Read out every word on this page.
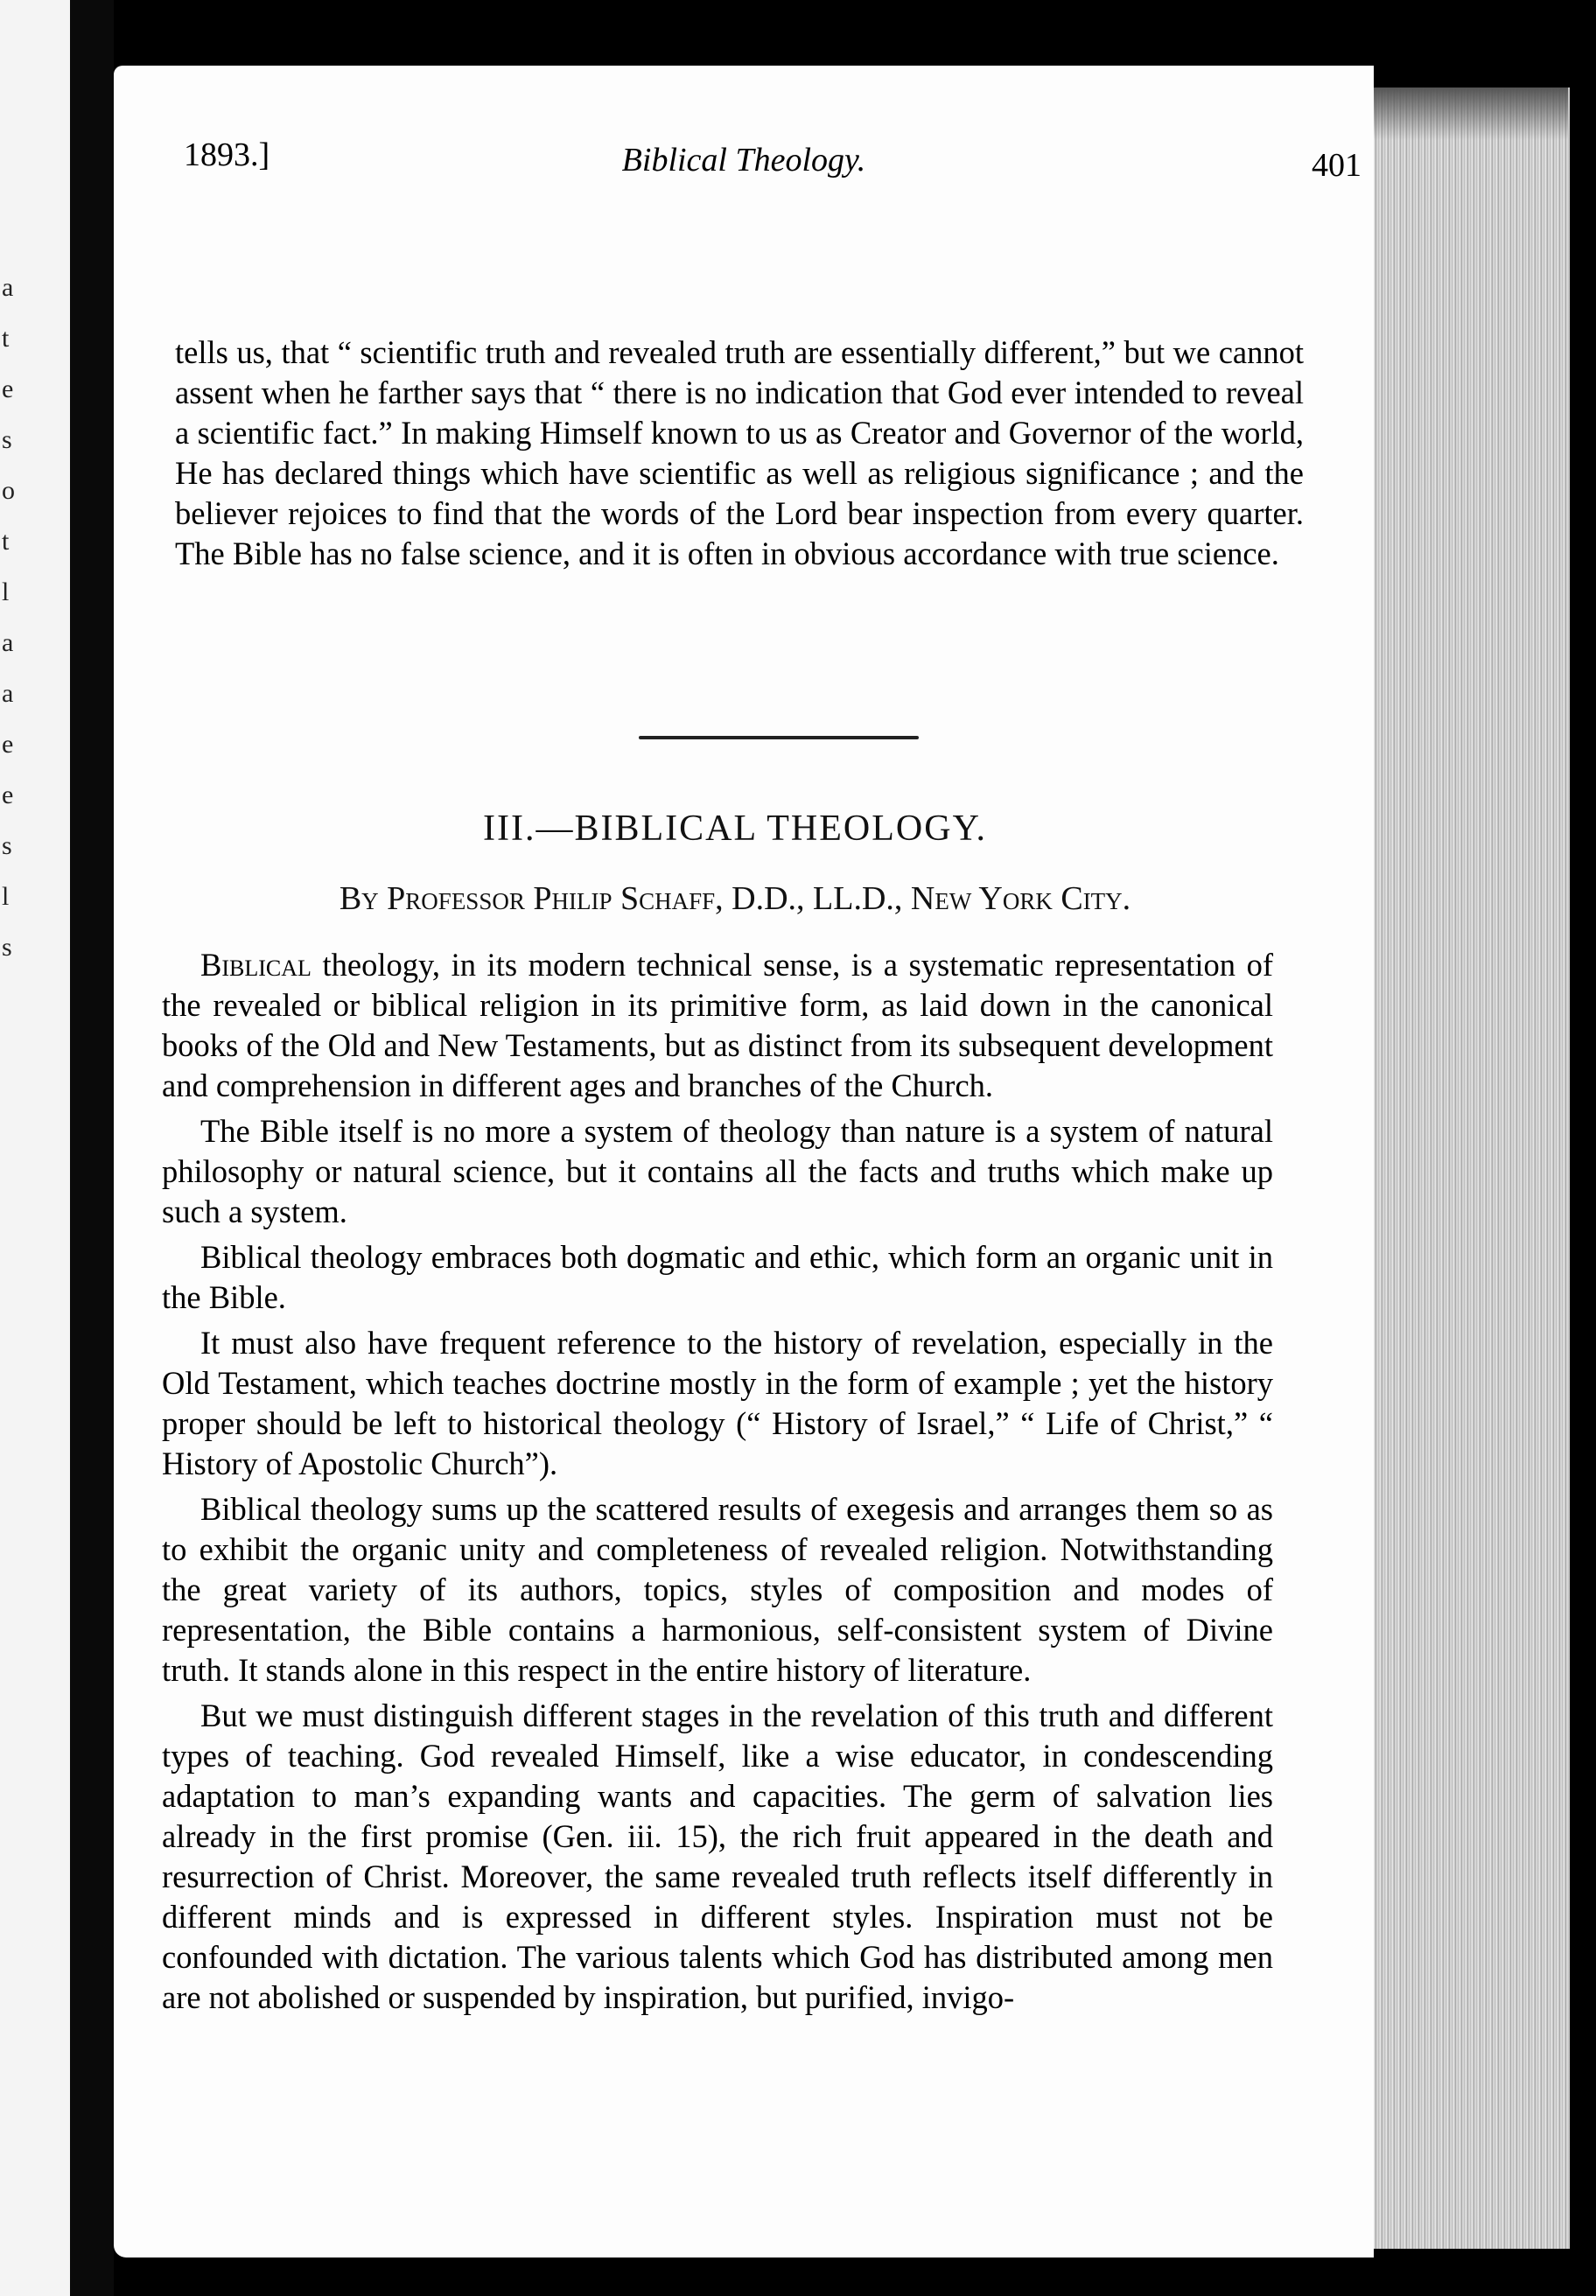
a
t
e
s
o
t
l
a
a
e
e
s
l
s
1893.]	Biblical Theology.	401

tells us, that “ scientific truth and revealed truth are essentially different,” but we cannot assent when he farther says that “ there is no indication that God ever intended to reveal a scientific fact.” In making Himself known to us as Creator and Governor of the world, He has declared things which have scientific as well as religious significance ; and the believer rejoices to find that the words of the Lord bear inspection from every quarter. The Bible has no false science, and it is often in obvious accordance with true science.

III.—BIBLICAL THEOLOGY.
By Professor Philip Schaff, D.D., LL.D., New York City.

Biblical theology, in its modern technical sense, is a systematic representation of the revealed or biblical religion in its primitive form, as laid down in the canonical books of the Old and New Testaments, but as distinct from its subsequent development and comprehension in different ages and branches of the Church.

The Bible itself is no more a system of theology than nature is a system of natural philosophy or natural science, but it contains all the facts and truths which make up such a system.

Biblical theology embraces both dogmatic and ethic, which form an organic unit in the Bible.

It must also have frequent reference to the history of revelation, especially in the Old Testament, which teaches doctrine mostly in the form of example ; yet the history proper should be left to historical theology (“ History of Israel,” “ Life of Christ,” “ History of Apostolic Church”).

Biblical theology sums up the scattered results of exegesis and arranges them so as to exhibit the organic unity and completeness of revealed religion. Notwithstanding the great variety of its authors, topics, styles of composition and modes of representation, the Bible contains a harmonious, self-consistent system of Divine truth. It stands alone in this respect in the entire history of literature.

But we must distinguish different stages in the revelation of this truth and different types of teaching. God revealed Himself, like a wise educator, in condescending adaptation to man’s expanding wants and capacities. The germ of salvation lies already in the first promise (Gen. iii. 15), the rich fruit appeared in the death and resurrection of Christ. Moreover, the same revealed truth reflects itself differently in different minds and is expressed in different styles. Inspiration must not be confounded with dictation. The various talents which God has distributed among men are not abolished or suspended by inspiration, but purified, invigo-
